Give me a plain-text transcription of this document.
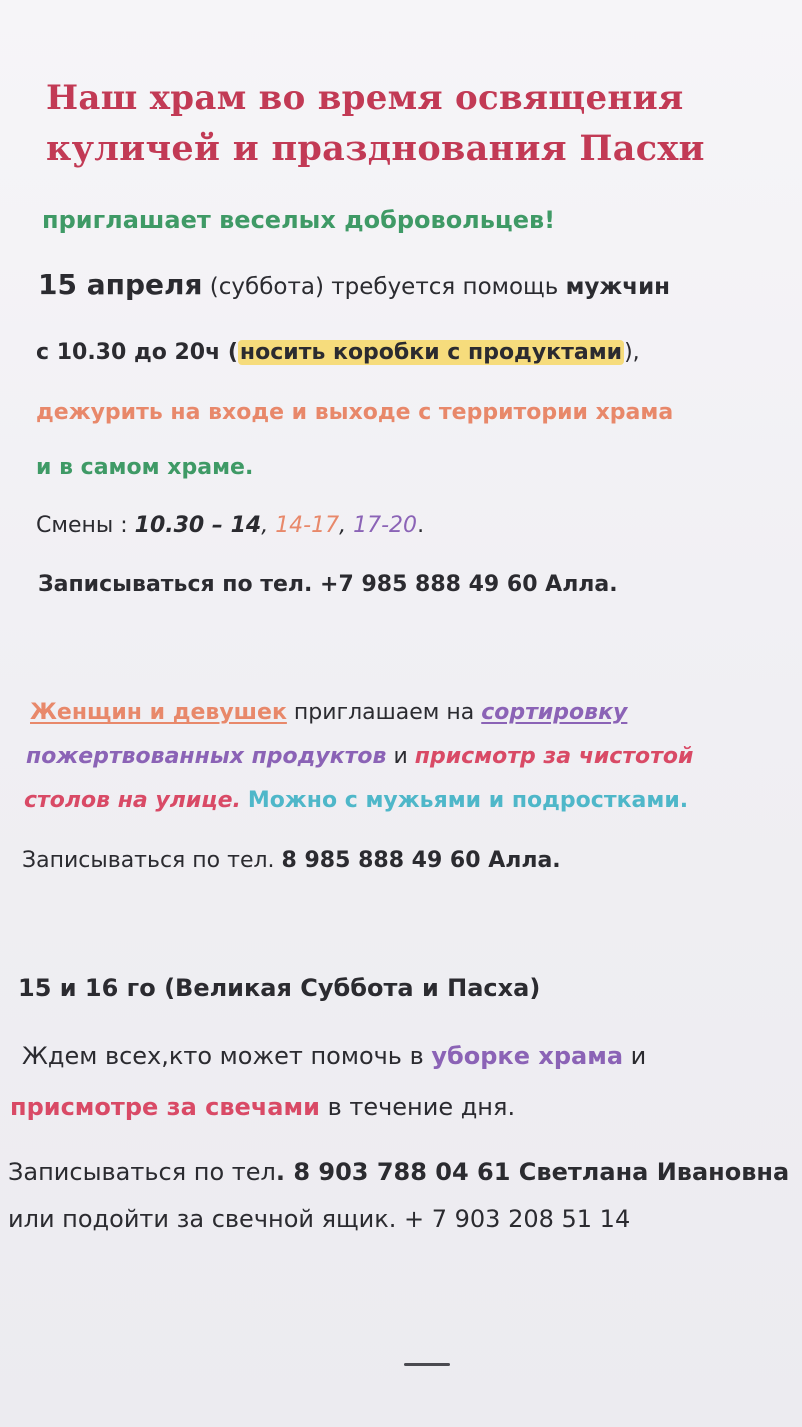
Наш храм во время освящения
куличей и празднования Пасхи
приглашает веселых добровольцев!
15 апреля (суббота) требуется помощь мужчин
с 10.30 до 20ч (носить коробки с продуктами),
дежурить на входе и выходе с территории храма
и в самом храме.
Смены : 10.30 – 14, 14-17, 17-20.
Записываться по тел. +7 985 888 49 60 Алла.
Женщин и девушек приглашаем на сортировку
пожертвованных продуктов и присмотр за чистотой
столов на улице. Можно с мужьями и подростками.
Записываться по тел. 8 985 888 49 60 Алла.
15 и 16 го (Великая Суббота и Пасха)
Ждем всех,кто может помочь в уборке храма и
присмотре за свечами в течение дня.
Записываться по тел. 8 903 788 04 61 Светлана Ивановна
или подойти за свечной ящик. + 7 903 208 51 14
